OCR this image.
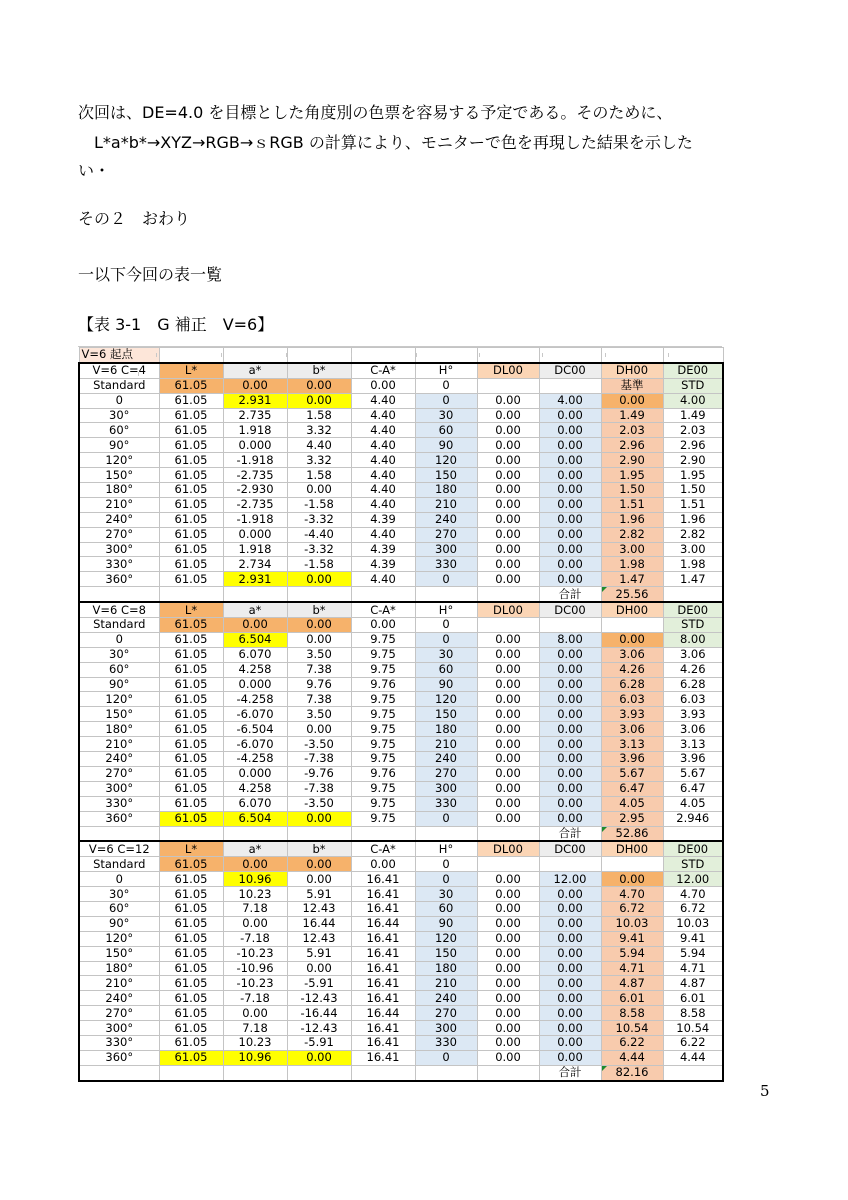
次回は、DE=4.0 を目標とした角度別の色票を容易する予定である。そのために、
　L*a*b*→XYZ→RGB→ｓRGB の計算により、モニターで色を再現した結果を示した
い・
その２　おわり
一以下今回の表一覧
【表 3-1　G 補正　V=6】
V=6 起点									
V=6 C=4	L*	a*	b*	C-A*	H°	DL00	DC00	DH00	DE00
Standard	61.05	0.00	0.00	0.00	0			基準	STD
0	61.05	2.931	0.00	4.40	0	0.00	4.00	0.00	4.00
30°	61.05	2.735	1.58	4.40	30	0.00	0.00	1.49	1.49
60°	61.05	1.918	3.32	4.40	60	0.00	0.00	2.03	2.03
90°	61.05	0.000	4.40	4.40	90	0.00	0.00	2.96	2.96
120°	61.05	-1.918	3.32	4.40	120	0.00	0.00	2.90	2.90
150°	61.05	-2.735	1.58	4.40	150	0.00	0.00	1.95	1.95
180°	61.05	-2.930	0.00	4.40	180	0.00	0.00	1.50	1.50
210°	61.05	-2.735	-1.58	4.40	210	0.00	0.00	1.51	1.51
240°	61.05	-1.918	-3.32	4.39	240	0.00	0.00	1.96	1.96
270°	61.05	0.000	-4.40	4.40	270	0.00	0.00	2.82	2.82
300°	61.05	1.918	-3.32	4.39	300	0.00	0.00	3.00	3.00
330°	61.05	2.734	-1.58	4.39	330	0.00	0.00	1.98	1.98
360°	61.05	2.931	0.00	4.40	0	0.00	0.00	1.47	1.47
							合計	25.56	
V=6 C=8	L*	a*	b*	C-A*	H°	DL00	DC00	DH00	DE00
Standard	61.05	0.00	0.00	0.00	0				STD
0	61.05	6.504	0.00	9.75	0	0.00	8.00	0.00	8.00
30°	61.05	6.070	3.50	9.75	30	0.00	0.00	3.06	3.06
60°	61.05	4.258	7.38	9.75	60	0.00	0.00	4.26	4.26
90°	61.05	0.000	9.76	9.76	90	0.00	0.00	6.28	6.28
120°	61.05	-4.258	7.38	9.75	120	0.00	0.00	6.03	6.03
150°	61.05	-6.070	3.50	9.75	150	0.00	0.00	3.93	3.93
180°	61.05	-6.504	0.00	9.75	180	0.00	0.00	3.06	3.06
210°	61.05	-6.070	-3.50	9.75	210	0.00	0.00	3.13	3.13
240°	61.05	-4.258	-7.38	9.75	240	0.00	0.00	3.96	3.96
270°	61.05	0.000	-9.76	9.76	270	0.00	0.00	5.67	5.67
300°	61.05	4.258	-7.38	9.75	300	0.00	0.00	6.47	6.47
330°	61.05	6.070	-3.50	9.75	330	0.00	0.00	4.05	4.05
360°	61.05	6.504	0.00	9.75	0	0.00	0.00	2.95	2.946
							合計	52.86	
V=6 C=12	L*	a*	b*	C-A*	H°	DL00	DC00	DH00	DE00
Standard	61.05	0.00	0.00	0.00	0				STD
0	61.05	10.96	0.00	16.41	0	0.00	12.00	0.00	12.00
30°	61.05	10.23	5.91	16.41	30	0.00	0.00	4.70	4.70
60°	61.05	7.18	12.43	16.41	60	0.00	0.00	6.72	6.72
90°	61.05	0.00	16.44	16.44	90	0.00	0.00	10.03	10.03
120°	61.05	-7.18	12.43	16.41	120	0.00	0.00	9.41	9.41
150°	61.05	-10.23	5.91	16.41	150	0.00	0.00	5.94	5.94
180°	61.05	-10.96	0.00	16.41	180	0.00	0.00	4.71	4.71
210°	61.05	-10.23	-5.91	16.41	210	0.00	0.00	4.87	4.87
240°	61.05	-7.18	-12.43	16.41	240	0.00	0.00	6.01	6.01
270°	61.05	0.00	-16.44	16.44	270	0.00	0.00	8.58	8.58
300°	61.05	7.18	-12.43	16.41	300	0.00	0.00	10.54	10.54
330°	61.05	10.23	-5.91	16.41	330	0.00	0.00	6.22	6.22
360°	61.05	10.96	0.00	16.41	0	0.00	0.00	4.44	4.44
							合計	82.16	
5
